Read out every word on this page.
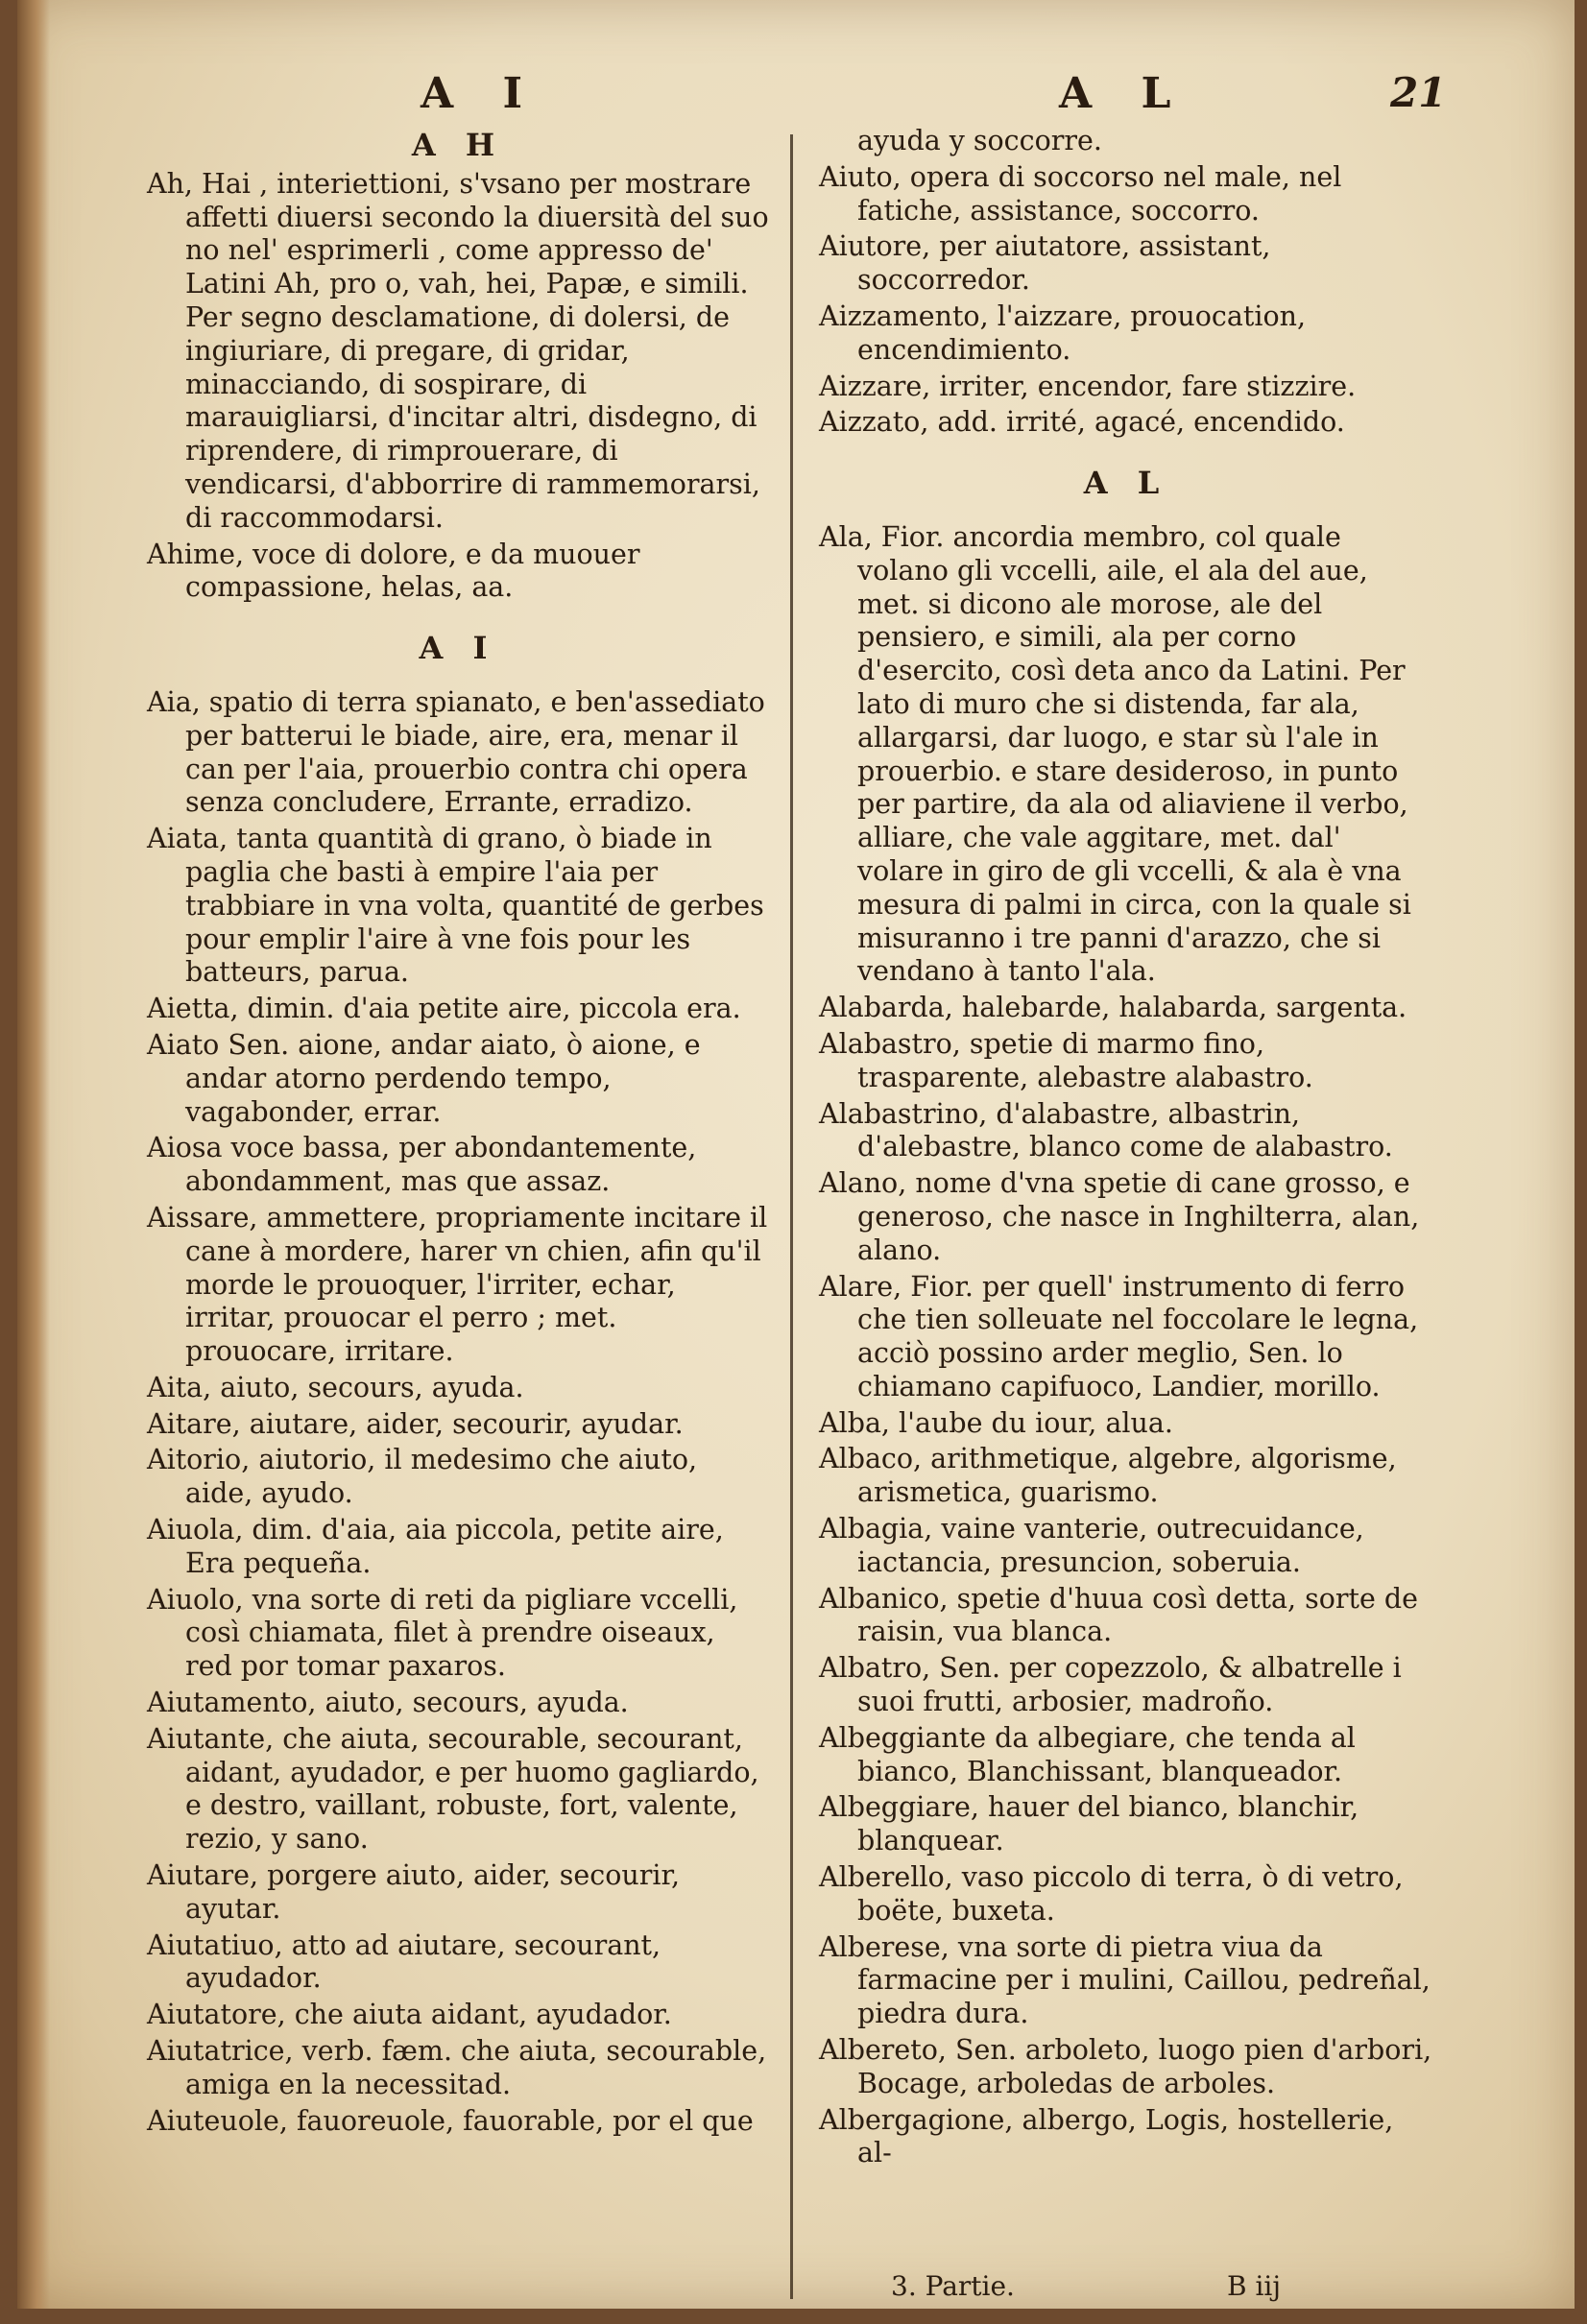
A I	A L	21
A H

Ah, Hai , interiettioni, s'vsano per mostrare affetti diuersi secondo la diuersità del suo no nel' esprimerli , come appresso de' Latini Ah, pro o, vah, hei, Papæ, e simili. Per segno desclamatione, di dolersi, de ingiuriare, di pregare, di gridar, minacciando, di sospirare, di marauigliarsi, d'incitar altri, disdegno, di riprendere, di rimprouerare, di vendicarsi, d'abborrire di rammemorarsi, di raccommodarsi.

Ahime, voce di dolore, e da muouer compassione, helas, aa.

A I

Aia, spatio di terra spianato, e ben'assediato per batterui le biade, aire, era, menar il can per l'aia, prouerbio contra chi opera senza concludere, Errante, erradizo.

Aiata, tanta quantità di grano, ò biade in paglia che basti à empire l'aia per trabbiare in vna volta, quantité de gerbes pour emplir l'aire à vne fois pour les batteurs, parua.

Aietta, dimin. d'aia petite aire, piccola era.

Aiato Sen. aione, andar aiato, ò aione, e andar atorno perdendo tempo, vagabonder, errar.

Aiosa voce bassa, per abondantemente, abondamment, mas que assaz.

Aissare, ammettere, propriamente incitare il cane à mordere, harer vn chien, afin qu'il morde le prouoquer, l'irriter, echar, irritar, prouocar el perro ; met. prouocare, irritare.

Aita, aiuto, secours, ayuda.

Aitare, aiutare, aider, secourir, ayudar.

Aitorio, aiutorio, il medesimo che aiuto, aide, ayudo.

Aiuola, dim. d'aia, aia piccola, petite aire, Era pequeña.

Aiuolo, vna sorte di reti da pigliare vccelli, così chiamata, filet à prendre oiseaux, red por tomar paxaros.

Aiutamento, aiuto, secours, ayuda.

Aiutante, che aiuta, secourable, secourant, aidant, ayudador, e per huomo gagliardo, e destro, vaillant, robuste, fort, valente, rezio, y sano.

Aiutare, porgere aiuto, aider, secourir, ayutar.

Aiutatiuo, atto ad aiutare, secourant, ayudador.

Aiutatore, che aiuta aidant, ayudador.

Aiutatrice, verb. fæm. che aiuta, secourable, amiga en la necessitad.

Aiuteuole, fauoreuole, fauorable, por el que

ayuda y soccorre.

Aiuto, opera di soccorso nel male, nel fatiche, assistance, soccorro.

Aiutore, per aiutatore, assistant, soccorredor.

Aizzamento, l'aizzare, prouocation, encendimiento.

Aizzare, irriter, encendor, fare stizzire.

Aizzato, add. irrité, agacé, encendido.

A L

Ala, Fior. ancordia membro, col quale volano gli vccelli, aile, el ala del aue, met. si dicono ale morose, ale del pensiero, e simili, ala per corno d'esercito, così deta anco da Latini. Per lato di muro che si distenda, far ala, allargarsi, dar luogo, e star sù l'ale in prouerbio. e stare desideroso, in punto per partire, da ala od aliaviene il verbo, alliare, che vale aggitare, met. dal' volare in giro de gli vccelli, & ala è vna mesura di palmi in circa, con la quale si misuranno i tre panni d'arazzo, che si vendano à tanto l'ala.

Alabarda, halebarde, halabarda, sargenta.

Alabastro, spetie di marmo fino, trasparente, alebastre alabastro.

Alabastrino, d'alabastre, albastrin, d'alebastre, blanco come de alabastro.

Alano, nome d'vna spetie di cane grosso, e generoso, che nasce in Inghilterra, alan, alano.

Alare, Fior. per quell' instrumento di ferro che tien solleuate nel foccolare le legna, acciò possino arder meglio, Sen. lo chiamano capifuoco, Landier, morillo.

Alba, l'aube du iour, alua.

Albaco, arithmetique, algebre, algorisme, arismetica, guarismo.

Albagia, vaine vanterie, outrecuidance, iactancia, presuncion, soberuia.

Albanico, spetie d'huua così detta, sorte de raisin, vua blanca.

Albatro, Sen. per copezzolo, & albatrelle i suoi frutti, arbosier, madroño.

Albeggiante da albegiare, che tenda al bianco, Blanchissant, blanqueador.

Albeggiare, hauer del bianco, blanchir, blanquear.

Alberello, vaso piccolo di terra, ò di vetro, boëte, buxeta.

Alberese, vna sorte di pietra viua da farmacine per i mulini, Caillou, pedreñal, piedra dura.

Albereto, Sen. arboleto, luogo pien d'arbori, Bocage, arboledas de arboles.

Albergagione, albergo, Logis, hostellerie, al-

3. Partie.	B iij
